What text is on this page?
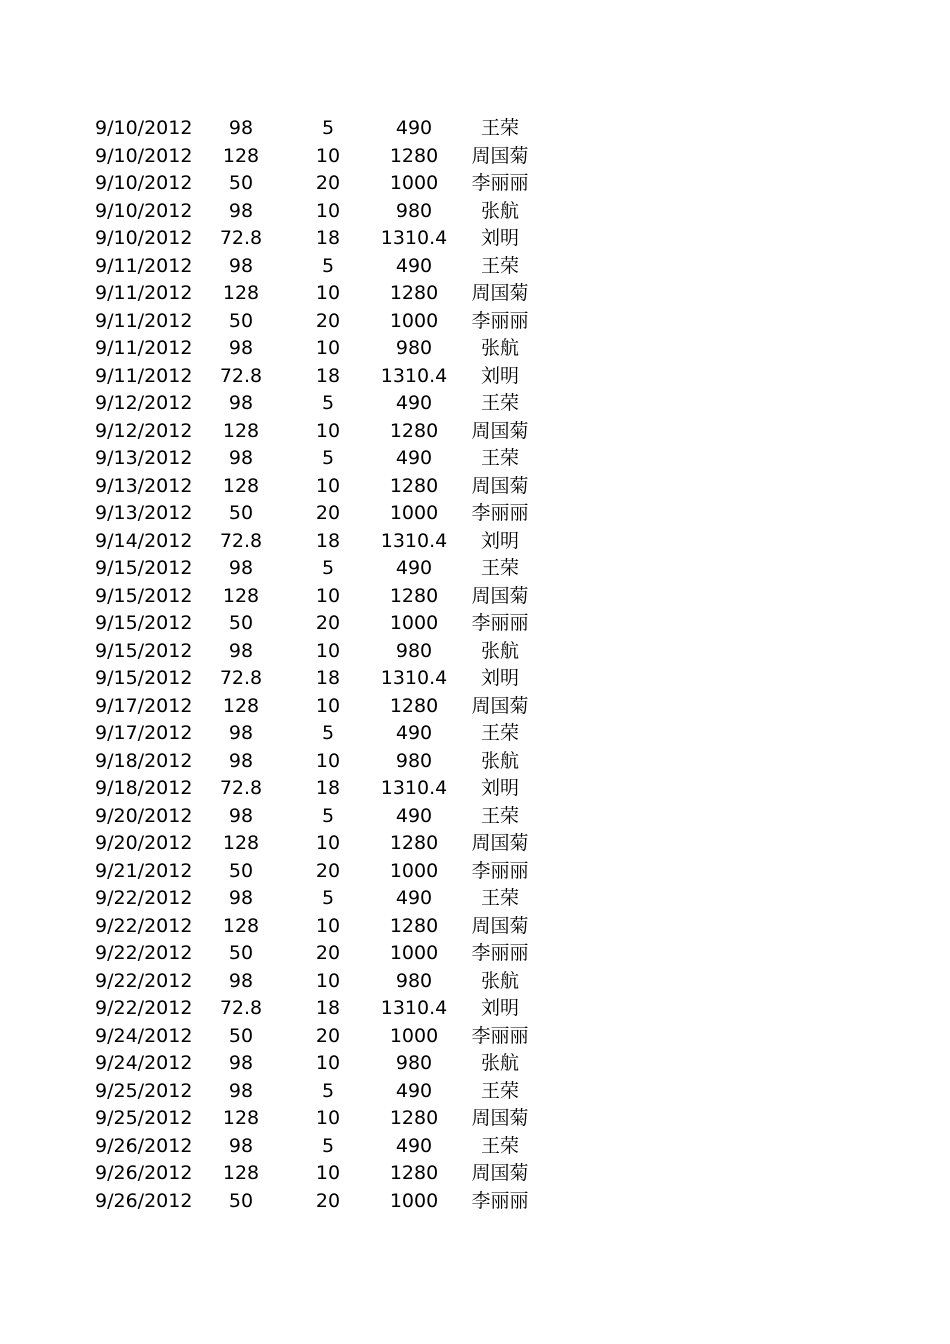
9/10/2012	98	5	490	王荣
9/10/2012	128	10	1280	周国菊
9/10/2012	50	20	1000	李丽丽
9/10/2012	98	10	980	张航
9/10/2012	72.8	18	1310.4	刘明
9/11/2012	98	5	490	王荣
9/11/2012	128	10	1280	周国菊
9/11/2012	50	20	1000	李丽丽
9/11/2012	98	10	980	张航
9/11/2012	72.8	18	1310.4	刘明
9/12/2012	98	5	490	王荣
9/12/2012	128	10	1280	周国菊
9/13/2012	98	5	490	王荣
9/13/2012	128	10	1280	周国菊
9/13/2012	50	20	1000	李丽丽
9/14/2012	72.8	18	1310.4	刘明
9/15/2012	98	5	490	王荣
9/15/2012	128	10	1280	周国菊
9/15/2012	50	20	1000	李丽丽
9/15/2012	98	10	980	张航
9/15/2012	72.8	18	1310.4	刘明
9/17/2012	128	10	1280	周国菊
9/17/2012	98	5	490	王荣
9/18/2012	98	10	980	张航
9/18/2012	72.8	18	1310.4	刘明
9/20/2012	98	5	490	王荣
9/20/2012	128	10	1280	周国菊
9/21/2012	50	20	1000	李丽丽
9/22/2012	98	5	490	王荣
9/22/2012	128	10	1280	周国菊
9/22/2012	50	20	1000	李丽丽
9/22/2012	98	10	980	张航
9/22/2012	72.8	18	1310.4	刘明
9/24/2012	50	20	1000	李丽丽
9/24/2012	98	10	980	张航
9/25/2012	98	5	490	王荣
9/25/2012	128	10	1280	周国菊
9/26/2012	98	5	490	王荣
9/26/2012	128	10	1280	周国菊
9/26/2012	50	20	1000	李丽丽
